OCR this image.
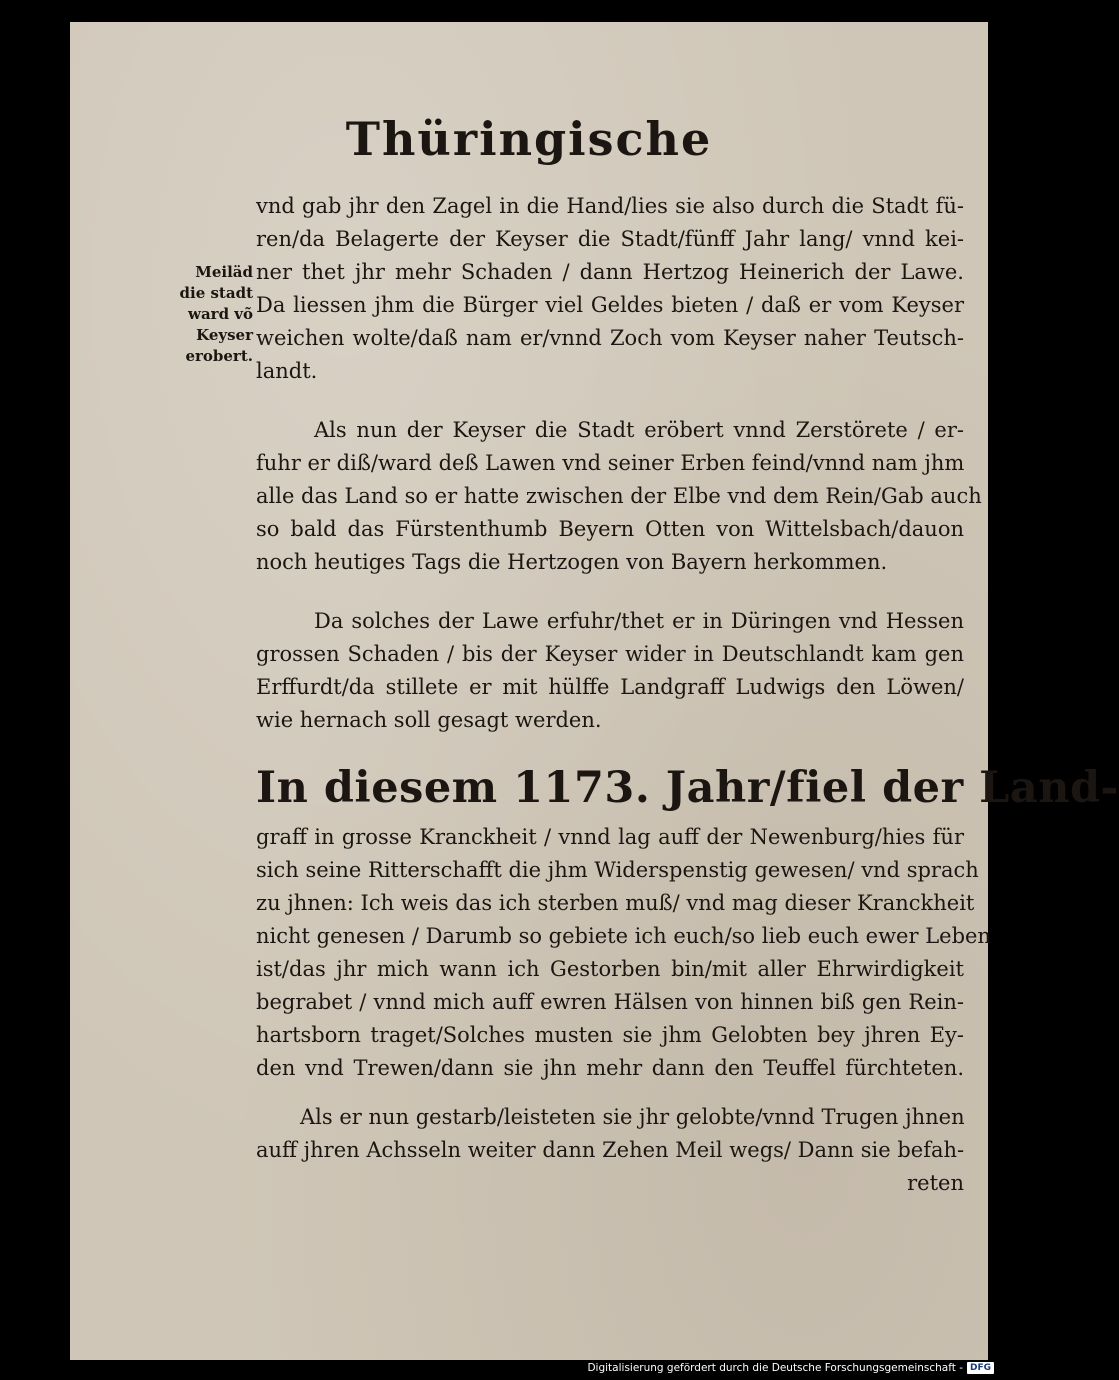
Thüringische
Meiläd
die stadt
ward võ
Keyser
erobert.
vnd gab jhr den Zagel in die Hand/lies sie also durch die Stadt fü-
ren/da Belagerte der Keyser die Stadt/fünff Jahr lang/ vnnd kei-
ner thet jhr mehr Schaden / dann Hertzog Heinerich der Lawe.
Da liessen jhm die Bürger viel Geldes bieten / daß er vom Keyser
weichen wolte/daß nam er/vnnd Zoch vom Keyser naher Teutsch-
landt.
Als nun der Keyser die Stadt eröbert vnnd Zerstörete / er-
fuhr er diß/ward deß Lawen vnd seiner Erben feind/vnnd nam jhm
alle das Land so er hatte zwischen der Elbe vnd dem Rein/Gab auch
so bald das Fürstenthumb Beyern Otten von Wittelsbach/dauon
noch heutiges Tags die Hertzogen von Bayern herkommen.
Da solches der Lawe erfuhr/thet er in Düringen vnd Hessen
grossen Schaden / bis der Keyser wider in Deutschlandt kam gen
Erffurdt/da stillete er mit hülffe Landgraff Ludwigs den Löwen/
wie hernach soll gesagt werden.
In diesem 1173. Jahr/fiel der Land-
graff in grosse Kranckheit / vnnd lag auff der Newenburg/hies für
sich seine Ritterschafft die jhm Widerspenstig gewesen/ vnd sprach
zu jhnen: Ich weis das ich sterben muß/ vnd mag dieser Kranckheit
nicht genesen / Darumb so gebiete ich euch/so lieb euch ewer Leben
ist/das jhr mich wann ich Gestorben bin/mit aller Ehrwirdigkeit
begrabet / vnnd mich auff ewren Hälsen von hinnen biß gen Rein-
hartsborn traget/Solches musten sie jhm Gelobten bey jhren Ey-
den vnd Trewen/dann sie jhn mehr dann den Teuffel fürchteten.
Als er nun gestarb/leisteten sie jhr gelobte/vnnd Trugen jhnen
auff jhren Achsseln weiter dann Zehen Meil wegs/ Dann sie befah-
reten
Digitalisierung gefördert durch die Deutsche Forschungsgemeinschaft - DFG
